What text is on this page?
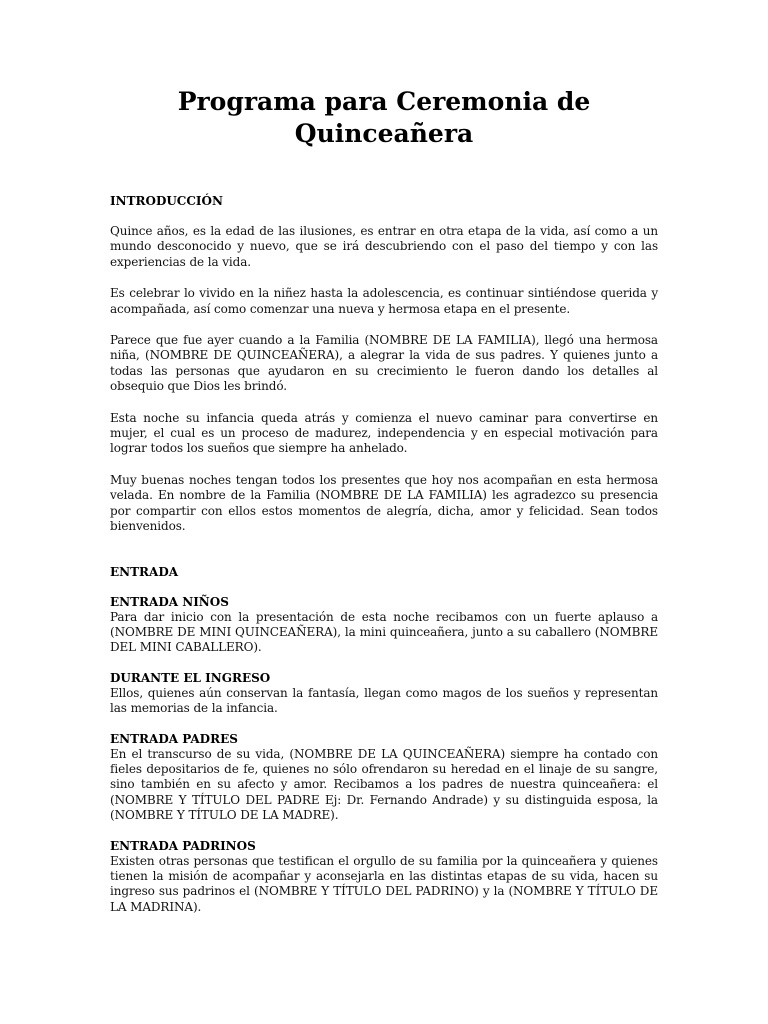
Programa para Ceremonia de Quinceañera

INTRODUCCIÓN

Quince años, es la edad de las ilusiones, es entrar en otra etapa de la vida, así como a un mundo desconocido y nuevo, que se irá descubriendo con el paso del tiempo y con las experiencias de la vida.

Es celebrar lo vivido en la niñez hasta la adolescencia, es continuar sintiéndose querida y acompañada, así como comenzar una nueva y hermosa etapa en el presente.

Parece que fue ayer cuando a la Familia (NOMBRE DE LA FAMILIA), llegó una hermosa niña, (NOMBRE DE QUINCEAÑERA), a alegrar la vida de sus padres. Y quienes junto a todas las personas que ayudaron en su crecimiento le fueron dando los detalles al obsequio que Dios les brindó.

Esta noche su infancia queda atrás y comienza el nuevo caminar para convertirse en mujer, el cual es un proceso de madurez, independencia y en especial motivación para lograr todos los sueños que siempre ha anhelado.

Muy buenas noches tengan todos los presentes que hoy nos acompañan en esta hermosa velada. En nombre de la Familia (NOMBRE DE LA FAMILIA) les agradezco su presencia por compartir con ellos estos momentos de alegría, dicha, amor y felicidad. Sean todos bienvenidos.

ENTRADA

ENTRADA NIÑOS

Para dar inicio con la presentación de esta noche recibamos con un fuerte aplauso a (NOMBRE DE MINI QUINCEAÑERA), la mini quinceañera, junto a su caballero (NOMBRE DEL MINI CABALLERO).

DURANTE EL INGRESO

Ellos, quienes aún conservan la fantasía, llegan como magos de los sueños y representan las memorias de la infancia.

ENTRADA PADRES

En el transcurso de su vida, (NOMBRE DE LA QUINCEAÑERA) siempre ha contado con fieles depositarios de fe, quienes no sólo ofrendaron su heredad en el linaje de su sangre, sino también en su afecto y amor. Recibamos a los padres de nuestra quinceañera: el (NOMBRE Y TÍTULO DEL PADRE Ej: Dr. Fernando Andrade) y su distinguida esposa, la (NOMBRE Y TÍTULO DE LA MADRE).

ENTRADA PADRINOS

Existen otras personas que testifican el orgullo de su familia por la quinceañera y quienes tienen la misión de acompañar y aconsejarla en las distintas etapas de su vida, hacen su ingreso sus padrinos el (NOMBRE Y TÍTULO DEL PADRINO) y la (NOMBRE Y TÍTULO DE LA MADRINA).
